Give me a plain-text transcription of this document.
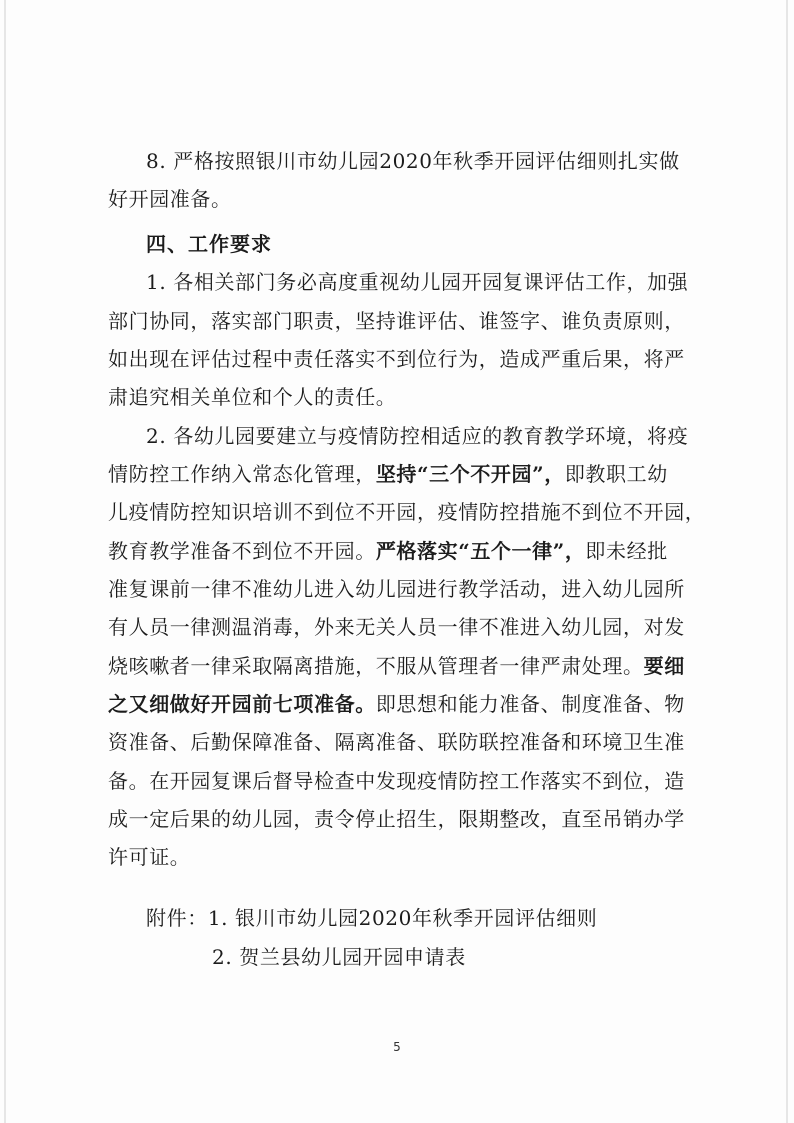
8. 严格按照银川市幼儿园2020年秋季开园评估细则扎实做
好开园准备。
四、工作要求
1. 各相关部门务必高度重视幼儿园开园复课评估工作，加强
部门协同，落实部门职责，坚持谁评估、谁签字、谁负责原则，
如出现在评估过程中责任落实不到位行为，造成严重后果，将严
肃追究相关单位和个人的责任。
2. 各幼儿园要建立与疫情防控相适应的教育教学环境，将疫
情防控工作纳入常态化管理，坚持“三个不开园”，即教职工幼
儿疫情防控知识培训不到位不开园，疫情防控措施不到位不开园，
教育教学准备不到位不开园。严格落实“五个一律”，即未经批
准复课前一律不准幼儿进入幼儿园进行教学活动，进入幼儿园所
有人员一律测温消毒，外来无关人员一律不准进入幼儿园，对发
烧咳嗽者一律采取隔离措施，不服从管理者一律严肃处理。要细
之又细做好开园前七项准备。即思想和能力准备、制度准备、物
资准备、后勤保障准备、隔离准备、联防联控准备和环境卫生准
备。在开园复课后督导检查中发现疫情防控工作落实不到位，造
成一定后果的幼儿园，责令停止招生，限期整改，直至吊销办学
许可证。
附件：1. 银川市幼儿园2020年秋季开园评估细则
2. 贺兰县幼儿园开园申请表
5
